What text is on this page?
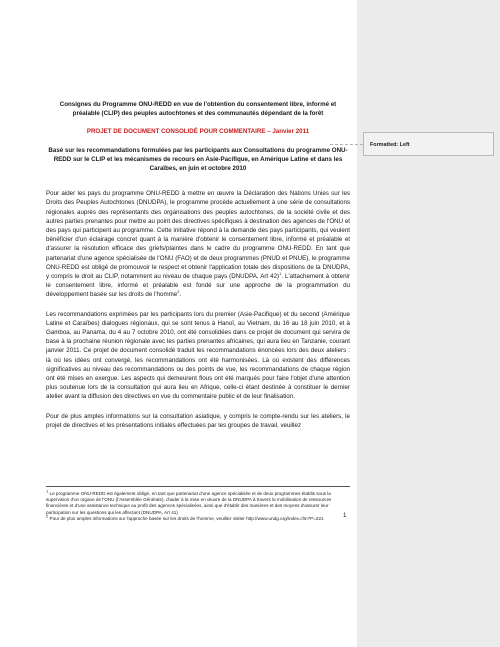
Formatted: Left

Consignes du Programme ONU-REDD en vue de l'obtention du consentement libre, informé et préalable (CLIP) des peuples autochtones et des communautés dépendant de la forêt

PROJET DE DOCUMENT CONSOLIDÉ POUR COMMENTAIRE – Janvier 2011

Basé sur les recommandations formulées par les participants aux Consultations du programme ONU-REDD sur le CLIP et les mécanismes de recours en Asie-Pacifique, en Amérique Latine et dans les Caraïbes, en juin et octobre 2010

Pour aider les pays du programme ONU-REDD à mettre en œuvre la Déclaration des Nations Unies sur les Droits des Peuples Autochtones (DNUDPA), le programme procède actuellement à une série de consultations régionales auprès des représentants des organisations des peuples autochtones, de la société civile et des autres parties prenantes pour mettre au point des directives spécifiques à destination des agences de l'ONU et des pays qui participent au programme. Cette initiative répond à la demande des pays participants, qui veulent bénéficier d'un éclairage concret quant à la manière d'obtenir le consentement libre, informé et préalable et d'assurer la résolution efficace des griefs/plaintes dans le cadre du programme ONU-REDD. En tant que partenariat d'une agence spécialisée de l'ONU (FAO) et de deux programmes (PNUD et PNUE), le programme ONU-REDD est obligé de promouvoir le respect et obtenir l'application totale des dispositions de la DNUDPA, y compris le droit au CLIP, notamment au niveau de chaque pays (DNUDPA, Art 42)$^1$. L'attachement à obtenir le consentement libre, informé et préalable est fondé sur une approche de la programmation du développement basée sur les droits de l'homme$^2$.

Les recommandations exprimées par les participants lors du premier (Asie-Pacifique) et du second (Amérique Latine et Caraïbes) dialogues régionaux, qui se sont tenus à Hanoï, au Vietnam, du 16 au 18 juin 2010, et à Gamboa, au Panama, du 4 au 7 octobre 2010, ont été consolidées dans ce projet de document qui servira de base à la prochaine réunion régionale avec les parties prenantes africaines, qui aura lieu en Tanzanie, courant janvier 2011. Ce projet de document consolidé traduit les recommandations énoncées lors des deux ateliers : là où les idées ont convergé, les recommandations ont été harmonisées. Là où existent des différences significatives au niveau des recommandations ou des points de vue, les recommandations de chaque région ont été mises en exergue. Les aspects qui demeurent flous ont été marqués pour faire l'objet d'une attention plus soutenue lors de la consultation qui aura lieu en Afrique, celle-ci étant destinée à constituer le dernier atelier avant la diffusion des directives en vue du commentaire public et de leur finalisation.

Pour de plus amples informations sur la consultation asiatique, y compris le compte-rendu sur les ateliers, le projet de directives et les présentations initiales effectuées par les groupes de travail, veuillez

$^1$ Le programme ONU-REDD est également obligé, en tant que partenariat d'une agence spécialisée et de deux programmes établis sous la supervision d'un organe de l'ONU (l'Assemblée Générale), d'aider à la mise en œuvre de la DNUDPA à travers la mobilisation de ressources financières et d'une assistance technique au profit des agences spécialisées, ainsi que d'établir des manières et des moyens d'assurer leur participation sur les questions qui les affectant (DNUDPA, Art 41)

$^2$ Pour de plus amples informations sur l'approche basée sur les droits de l'homme, veuillez visiter http://www.undg.org/index.cfm?P=221	1
